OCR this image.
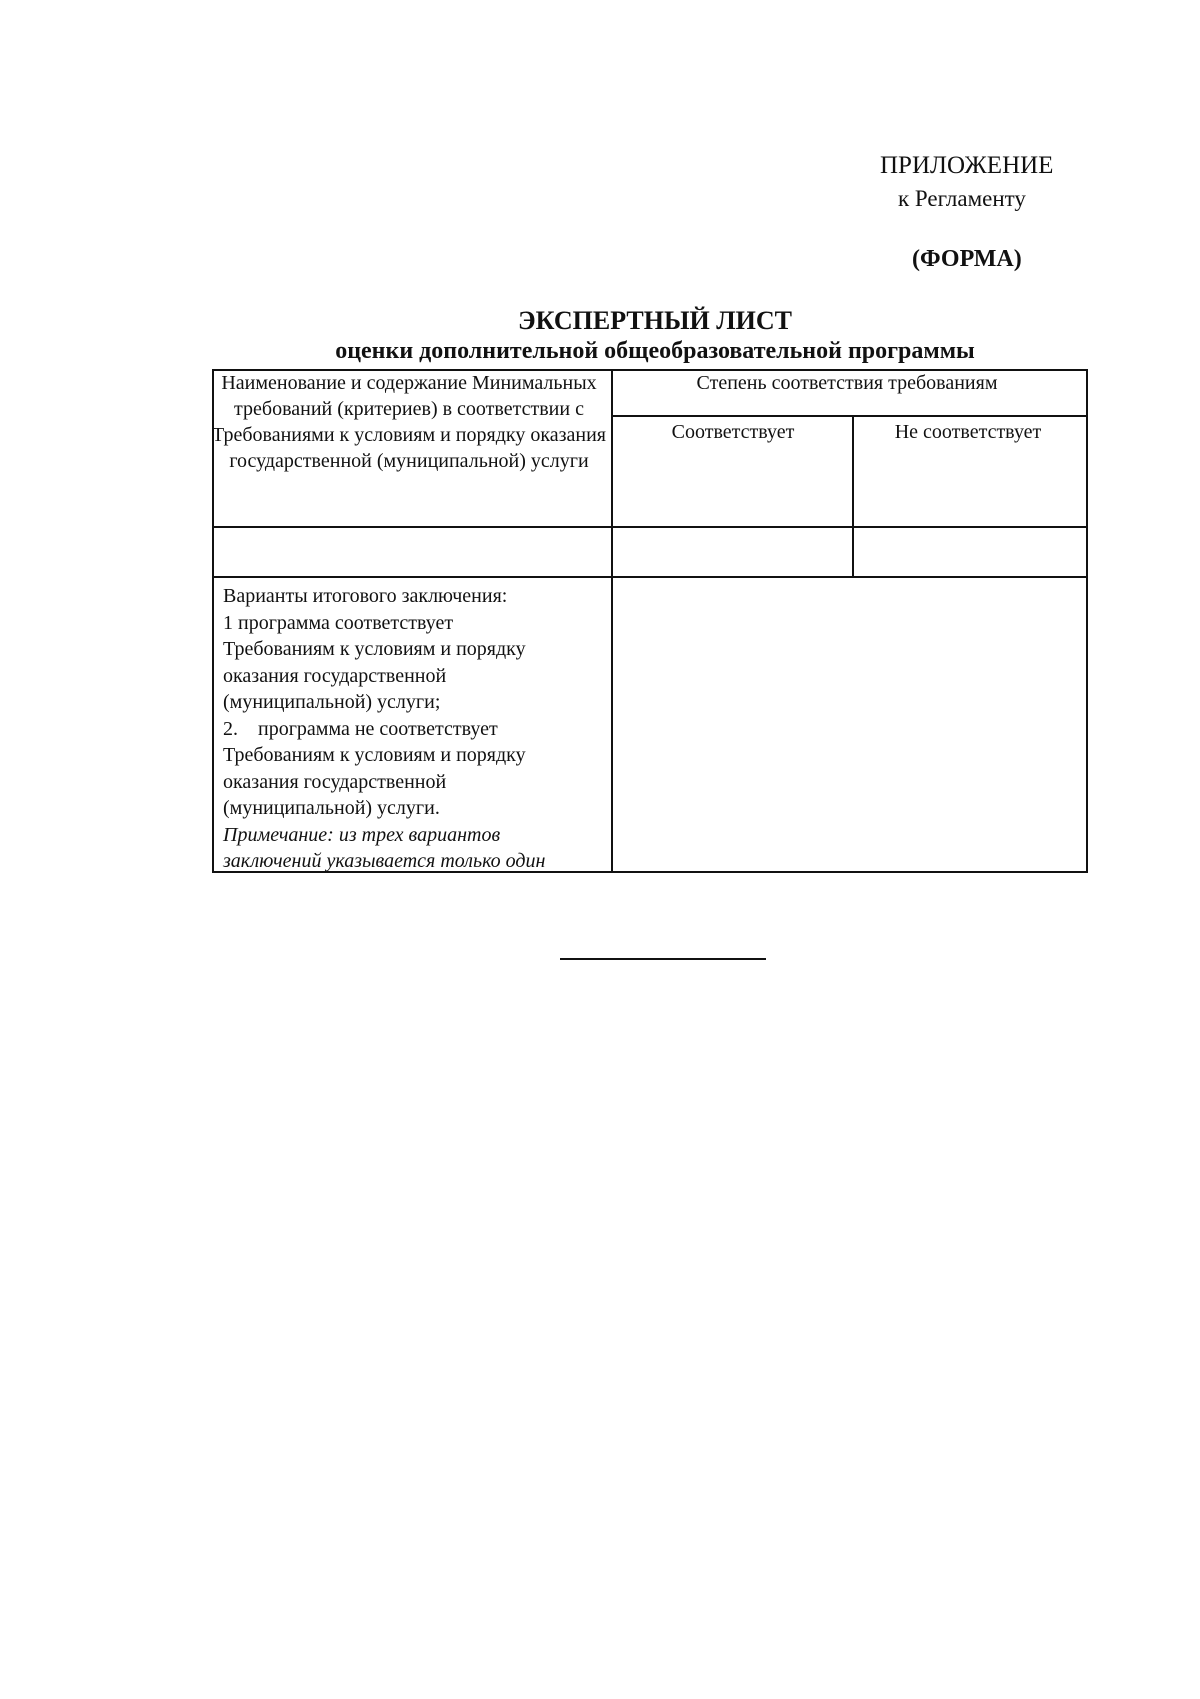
ПРИЛОЖЕНИЕ
к Регламенту
(ФОРМА)
ЭКСПЕРТНЫЙ ЛИСТ
оценки дополнительной общеобразовательной программы
Наименование и содержание Минимальных требований (критериев) в соответствии с Требованиями к условиям и порядку оказания государственной (муниципальной) услуги
Степень соответствия требованиям
Соответствует	Не соответствует
Варианты итогового заключения:
1 программа соответствует
Требованиям к условиям и порядку
оказания государственной
(муниципальной) услуги;
2.    программа не соответствует
Требованиям к условиям и порядку
оказания государственной
(муниципальной) услуги.
Примечание: из трех вариантов
заключений указывается только один
